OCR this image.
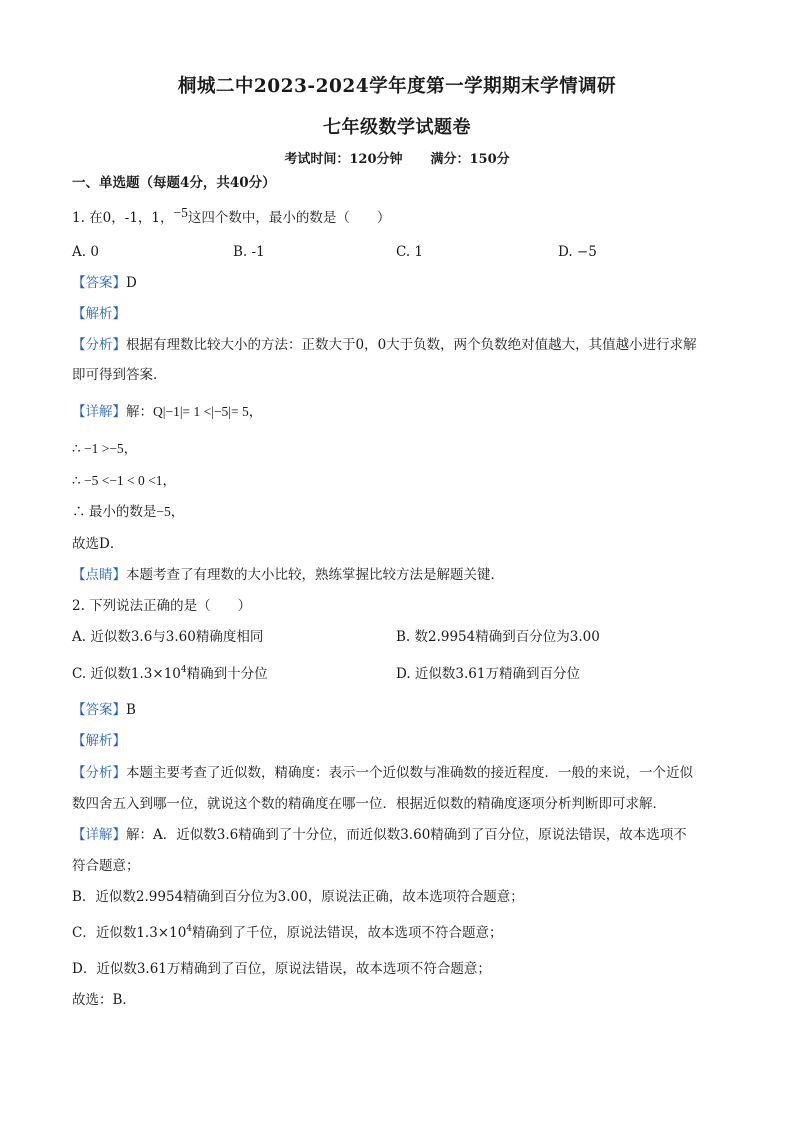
桐城二中2023-2024学年度第一学期期末学情调研
七年级数学试题卷
考试时间：120分钟 满分：150分
一、单选题（每题4分，共40分）
1. 在0，-1，1，−5这四个数中，最小的数是（　　）
A. 0	B. -1	C. 1	D. −5
【答案】D
【解析】
【分析】根据有理数比较大小的方法：正数大于0，0大于负数，两个负数绝对值越大，其值越小进行求解
即可得到答案．
【详解】解：Q|−1|= 1 <|−5|= 5，
∴ −1 >−5，
∴ −5 <−1 < 0 <1，
∴ 最小的数是−5，
故选D．
【点睛】本题考查了有理数的大小比较，熟练掌握比较方法是解题关键．
2. 下列说法正确的是（　　）
A. 近似数3.6与3.60精确度相同	B. 数2.9954精确到百分位为3.00
C. 近似数$1.3\times 10^4$精确到十分位	D. 近似数3.61万精确到百分位
【答案】B
【解析】
【分析】本题主要考查了近似数，精确度：表示一个近似数与准确数的接近程度．一般的来说，一个近似
数四舍五入到哪一位，就说这个数的精确度在哪一位．根据近似数的精确度逐项分析判断即可求解．
【详解】解：A．近似数3.6精确到了十分位，而近似数3.60精确到了百分位，原说法错误，故本选项不
符合题意；
B．近似数2.9954精确到百分位为3.00，原说法正确，故本选项符合题意；
C．近似数$1.3\times 10^4$精确到了千位，原说法错误，故本选项不符合题意；
D．近似数3.61万精确到了百位，原说法错误，故本选项不符合题意；
故选：B．
